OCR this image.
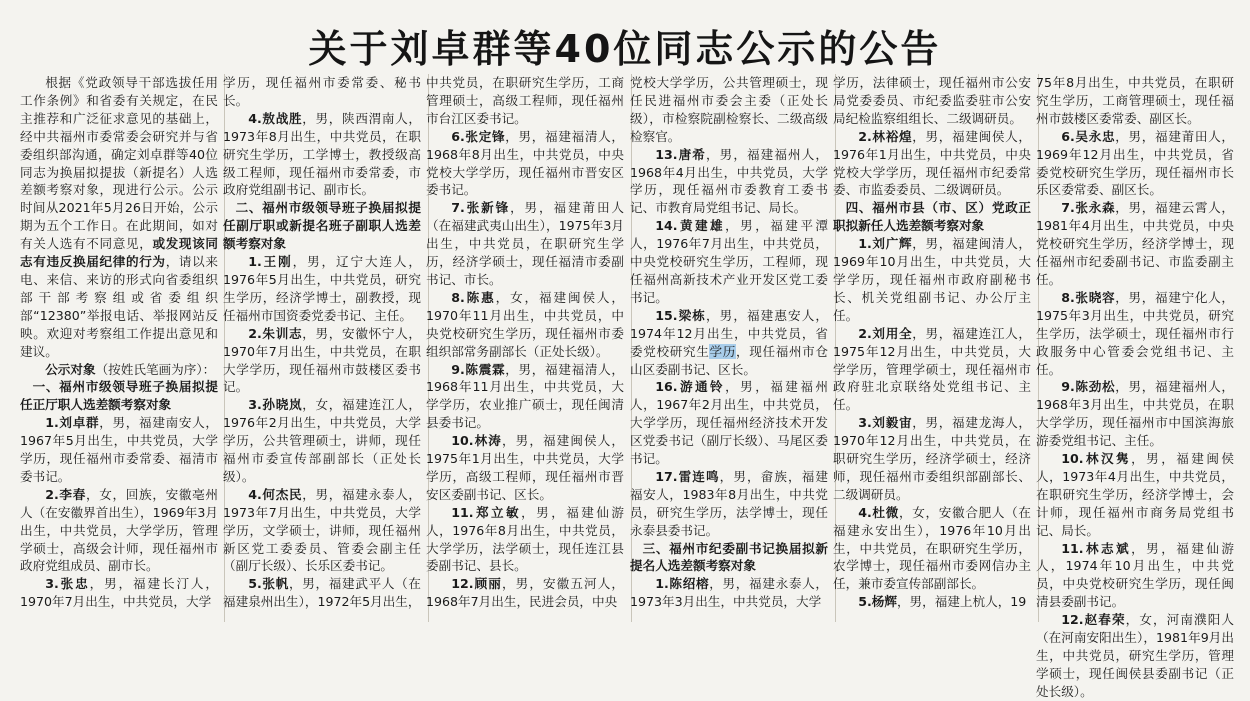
关于刘卓群等40位同志公示的公告

根据《党政领导干部选拔任用工作条例》和省委有关规定，在民主推荐和广泛征求意见的基础上，经中共福州市委常委会研究并与省委组织部沟通，确定刘卓群等40位同志为换届拟提拔（新提名）人选差额考察对象，现进行公示。公示时间从2021年5月26日开始，公示期为五个工作日。在此期间，如对有关人选有不同意见，或发现该同志有违反换届纪律的行为，请以来电、来信、来访的形式向省委组织部干部考察组或省委组织部“12380”举报电话、举报网站反映。欢迎对考察组工作提出意见和建议。

公示对象（按姓氏笔画为序）：

一、福州市级领导班子换届拟提任正厅职人选差额考察对象

1.刘卓群，男，福建南安人，1967年5月出生，中共党员，大学学历，现任福州市委常委、福清市委书记。

2.李春，女，回族，安徽亳州人（在安徽界首出生），1969年3月出生，中共党员，大学学历，管理学硕士，高级会计师，现任福州市政府党组成员、副市长。

3.张忠，男，福建长汀人，1970年7月出生，中共党员，大学

学历，现任福州市委常委、秘书长。

4.敖战胜，男，陕西渭南人，1973年8月出生，中共党员，在职研究生学历，工学博士，教授级高级工程师，现任福州市委常委，市政府党组副书记、副市长。

二、福州市级领导班子换届拟提任副厅职或新提名班子副职人选差额考察对象

1.王刚，男，辽宁大连人，1976年5月出生，中共党员，研究生学历，经济学博士，副教授，现任福州市国资委党委书记、主任。

2.朱训志，男，安徽怀宁人，1970年7月出生，中共党员，在职大学学历，现任福州市鼓楼区委书记。

3.孙晓岚，女，福建连江人，1976年2月出生，中共党员，大学学历，公共管理硕士，讲师，现任福州市委宣传部副部长（正处长级）。

4.何杰民，男，福建永泰人，1973年7月出生，中共党员，大学学历，文学硕士，讲师，现任福州新区党工委委员、管委会副主任（副厅长级）、长乐区委书记。

5.张帆，男，福建武平人（在福建泉州出生），1972年5月出生，

中共党员，在职研究生学历，工商管理硕士，高级工程师，现任福州市台江区委书记。

6.张定锋，男，福建福清人，1968年8月出生，中共党员，中央党校大学学历，现任福州市晋安区委书记。

7.张新锋，男，福建莆田人（在福建武夷山出生），1975年3月出生，中共党员，在职研究生学历，经济学硕士，现任福清市委副书记、市长。

8.陈惠，女，福建闽侯人，1970年11月出生，中共党员，中央党校研究生学历，现任福州市委组织部常务副部长（正处长级）。

9.陈震霖，男，福建福清人，1968年11月出生，中共党员，大学学历，农业推广硕士，现任闽清县委书记。

10.林涛，男，福建闽侯人，1975年1月出生，中共党员，大学学历，高级工程师，现任福州市晋安区委副书记、区长。

11.郑立敏，男，福建仙游人，1976年8月出生，中共党员，大学学历，法学硕士，现任连江县委副书记、县长。

12.顾丽，男，安徽五河人，1968年7月出生，民进会员，中央

党校大学学历，公共管理硕士，现任民进福州市委会主委（正处长级），市检察院副检察长、二级高级检察官。

13.唐希，男，福建福州人，1968年4月出生，中共党员，大学学历，现任福州市委教育工委书记、市教育局党组书记、局长。

14.黄建雄，男，福建平潭人，1976年7月出生，中共党员，中央党校研究生学历，工程师，现任福州高新技术产业开发区党工委书记。

15.梁栋，男，福建惠安人，1974年12月出生，中共党员，省委党校研究生学历，现任福州市仓山区委副书记、区长。

16.游通铃，男，福建福州人，1967年2月出生，中共党员，大学学历，现任福州经济技术开发区党委书记（副厅长级）、马尾区委书记。

17.雷连鸣，男，畲族，福建福安人，1983年8月出生，中共党员，研究生学历，法学博士，现任永泰县委书记。

三、福州市纪委副书记换届拟新提名人选差额考察对象

1.陈绍榕，男，福建永泰人，1973年3月出生，中共党员，大学

学历，法律硕士，现任福州市公安局党委委员、市纪委监委驻市公安局纪检监察组组长、二级调研员。

2.林裕煌，男，福建闽侯人，1976年1月出生，中共党员，中央党校大学学历，现任福州市纪委常委、市监委委员、二级调研员。

四、福州市县（市、区）党政正职拟新任人选差额考察对象

1.刘广辉，男，福建闽清人，1969年10月出生，中共党员，大学学历，现任福州市政府副秘书长、机关党组副书记、办公厅主任。

2.刘用全，男，福建连江人，1975年12月出生，中共党员，大学学历，管理学硕士，现任福州市政府驻北京联络处党组书记、主任。

3.刘毅宙，男，福建龙海人，1970年12月出生，中共党员，在职研究生学历，经济学硕士，经济师，现任福州市委组织部副部长、二级调研员。

4.杜微，女，安徽合肥人（在福建永安出生），1976年10月出生，中共党员，在职研究生学历，农学博士，现任福州市委网信办主任，兼市委宣传部副部长。

5.杨辉，男，福建上杭人，19

75年8月出生，中共党员，在职研究生学历，工商管理硕士，现任福州市鼓楼区委常委、副区长。

6.吴永忠，男，福建莆田人，1969年12月出生，中共党员，省委党校研究生学历，现任福州市长乐区委常委、副区长。

7.张永森，男，福建云霄人，1981年4月出生，中共党员，中央党校研究生学历，经济学博士，现任福州市纪委副书记、市监委副主任。

8.张晓容，男，福建宁化人，1975年3月出生，中共党员，研究生学历，法学硕士，现任福州市行政服务中心管委会党组书记、主任。

9.陈劲松，男，福建福州人，1968年3月出生，中共党员，在职大学学历，现任福州市中国滨海旅游委党组书记、主任。

10.林汉隽，男，福建闽侯人，1973年4月出生，中共党员，在职研究生学历，经济学博士，会计师，现任福州市商务局党组书记、局长。

11.林志斌，男，福建仙游人，1974年10月出生，中共党员，中央党校研究生学历，现任闽清县委副书记。

12.赵春荣，女，河南濮阳人（在河南安阳出生），1981年9月出生，中共党员，研究生学历，管理学硕士，现任闽侯县委副书记（正处长级）。
